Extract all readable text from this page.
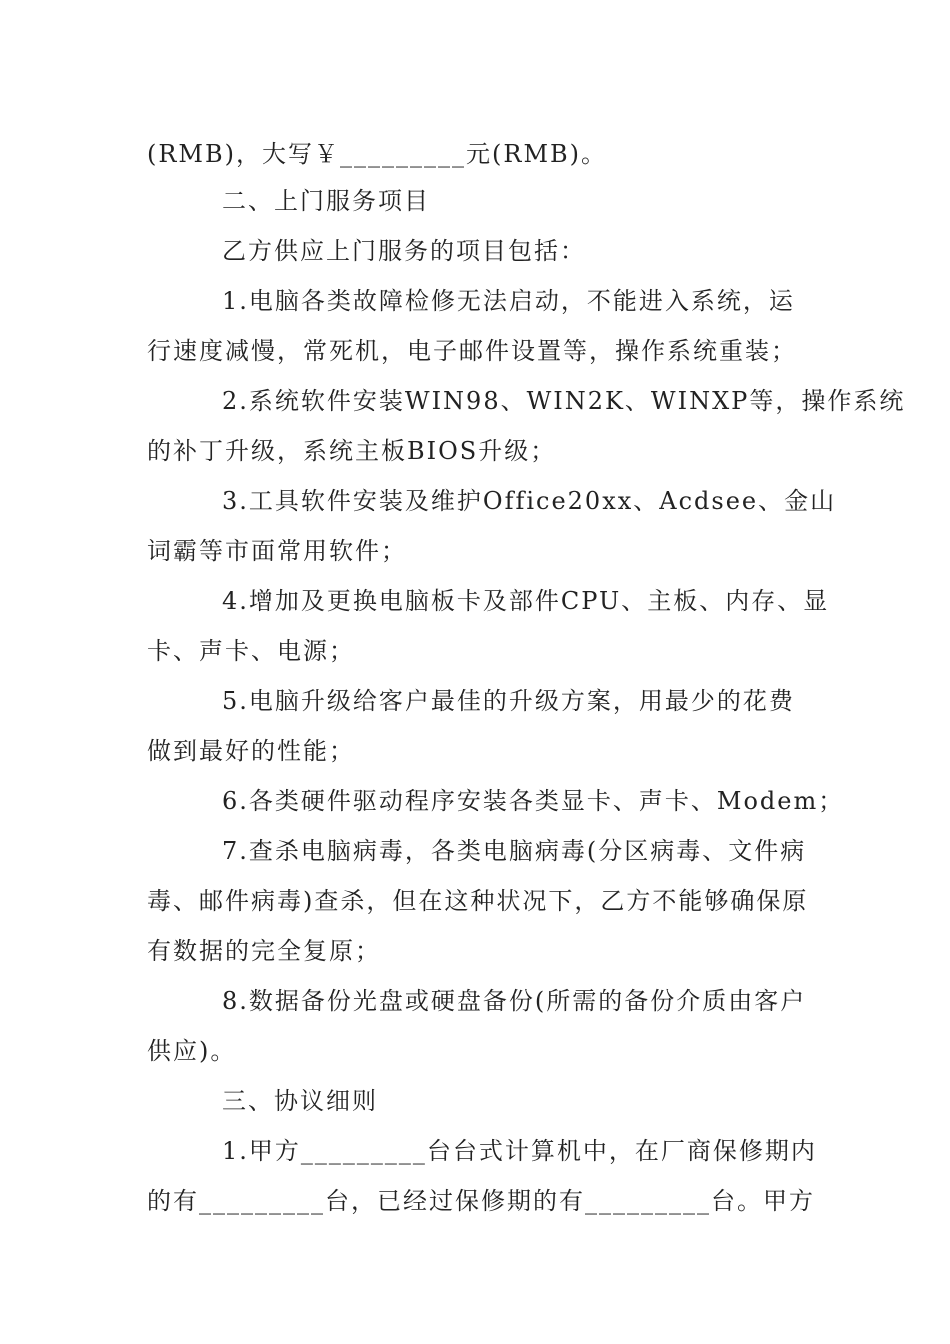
(RMB)，大写￥_________元(RMB)。
二、上门服务项目
乙方供应上门服务的项目包括：
1.电脑各类故障检修无法启动，不能进入系统，运
行速度减慢，常死机，电子邮件设置等，操作系统重装；
2.系统软件安装WIN98、WIN2K、WINXP等，操作系统
的补丁升级，系统主板BIOS升级；
3.工具软件安装及维护Office20xx、Acdsee、金山
词霸等市面常用软件；
4.增加及更换电脑板卡及部件CPU、主板、内存、显
卡、声卡、电源；
5.电脑升级给客户最佳的升级方案，用最少的花费
做到最好的性能；
6.各类硬件驱动程序安装各类显卡、声卡、Modem；
7.查杀电脑病毒，各类电脑病毒(分区病毒、文件病
毒、邮件病毒)查杀，但在这种状况下，乙方不能够确保原
有数据的完全复原；
8.数据备份光盘或硬盘备份(所需的备份介质由客户
供应)。
三、协议细则
1.甲方_________台台式计算机中，在厂商保修期内
的有_________台，已经过保修期的有_________台。甲方
